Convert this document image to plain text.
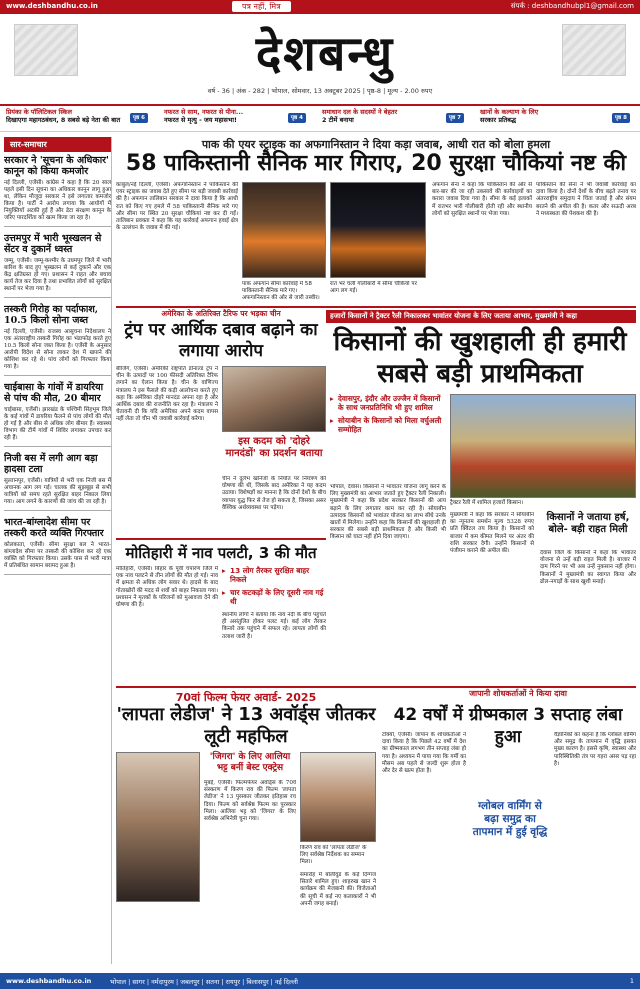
www.deshbandhu.co.in	पत्र नहीं, मित्र	संपर्क : deshbandhubpl1@gmail.com
देशबन्धु
वर्ष - 36 | अंक - 282 | भोपाल, सोमवार, 13 अक्टूबर 2025 | पृष्ठ-8 | मूल्य - 2.00 रुपए
प्रियंका के पॉलिटिकल स्किल
दिखाएगा महागठबंधन, 8 सबसे बड़े नेता की बात	पृष्ठ 6
नफरत से साम, नफरत से पीना...
नफरत से मृत्यु - जय महासभा!	पृष्ठ 4
समाधान दल के सदस्यों ने बेहतर
2 टीमें बनाया	पृष्ठ 7
खानों के कल्याण के लिए
सरकार प्रतिबद्ध	पृष्ठ 8
सार-समाचार
सरकार ने 'सूचना के अधिकार' कानून को किया कमजोर

नई दिल्ली, एजेंसी। कांग्रेस ने कहा है कि 20 साल पहले इसी दिन सूचना का अधिकार कानून लागू हुआ था, लेकिन मौजूदा सरकार ने इसे लगातार कमजोर किया है। पार्टी ने आरोप लगाया कि आयोगों में नियुक्तियाँ अटकी हुई हैं और डेटा संरक्षण कानून के जरिए पारदर्शिता को खत्म किया जा रहा है।

उत्तमपुर में भारी भूस्खलन से सेंटर व दुकानें ध्वस्त

जम्मू, एजेंसी। जम्मू-कश्मीर के उधमपुर जिले में भारी बारिश के बाद हुए भूस्खलन से कई दुकानें और एक केंद्र क्षतिग्रस्त हो गए। प्रशासन ने राहत और बचाव कार्य तेज कर दिया है तथा प्रभावित लोगों को सुरक्षित स्थानों पर भेजा गया है।

तस्करी गिरोह का पर्दाफाश, 10.5 किलो सोना जब्त

नई दिल्ली, एजेंसी। राजस्व आसूचना निदेशालय ने एक अंतरराष्ट्रीय तस्करी गिरोह का भंडाफोड़ करते हुए 10.5 किलो सोना जब्त किया है। एजेंसी के अनुसार आरोपी विदेश से सोना लाकर देश में खपाने की कोशिश कर रहे थे। पांच लोगों को गिरफ्तार किया गया है।

चाईबासा के गांवों में डायरिया से पांच की मौत, 20 बीमार

चाईबासा, एजेंसी। झारखंड के पश्चिमी सिंहभूम जिले के कई गांवों में डायरिया फैलने से पांच लोगों की मौत हो गई है और बीस से अधिक लोग बीमार हैं। स्वास्थ्य विभाग की टीमें गांवों में शिविर लगाकर उपचार कर रही हैं।

निजी बस में लगी आग बड़ा हादसा टला

सुल्तानपुर, एजेंसी। यात्रियों से भरी एक निजी बस में अचानक आग लग गई। चालक की सूझबूझ से सभी यात्रियों को समय रहते सुरक्षित बाहर निकाल लिया गया। आग लगने के कारणों की जांच की जा रही है।

भारत-बांग्लादेश सीमा पर तस्करी करते व्यक्ति गिरफ्तार

कोलकाता, एजेंसी। सीमा सुरक्षा बल ने भारत-बांग्लादेश सीमा पर तस्करी की कोशिश कर रहे एक व्यक्ति को गिरफ्तार किया। उसके पास से भारी मात्रा में प्रतिबंधित सामान बरामद हुआ है।

पाक की एयर स्ट्राइक का अफगानिस्तान ने दिया कड़ा जवाब, आधी रात को बोला हमला
58 पाकिस्तानी सैनिक मार गिराए, 20 सुरक्षा चौकियां नष्ट की
काबुल/नई दिल्ली, एजेंसी। अफगानिस्तान ने पाकिस्तान की एयर स्ट्राइक का जवाब देते हुए सीमा पर बड़ी जवाबी कार्रवाई की है। अफगान तालिबान सरकार ने दावा किया है कि आधी रात को किए गए हमले में 58 पाकिस्तानी सैनिक मारे गए और सीमा पर स्थित 20 सुरक्षा चौकियां नष्ट कर दी गईं। तालिबान प्रवक्ता ने कहा कि यह कार्रवाई अफगान हवाई क्षेत्र के उल्लंघन के जवाब में की गई।
पाक अफगान सीमा कार्रवाई में 58 पाकिस्तानी सैनिक मारे गए। अफगानिस्तान की ओर से जारी तस्वीर।
रात भर चली गोलीबारी में सीमा चौकियों पर आग लग गई।
अफगान सेना ने कहा कि पाकिस्तान की ओर से बार-बार की जा रही उकसावे की कार्रवाइयों का करारा जवाब दिया गया है। सीमा के कई इलाकों में रातभर भारी गोलीबारी होती रही और स्थानीय लोगों को सुरक्षित स्थानों पर भेजा गया।
पाकिस्तान की सेना ने भी जवाबी कार्रवाई का दावा किया है। दोनों देशों के बीच बढ़ते तनाव पर अंतरराष्ट्रीय समुदाय ने चिंता जताई है और संयम बरतने की अपील की है। कतर और सऊदी अरब ने मध्यस्थता की पेशकश की है।
अमेरिका के अतिरिक्त टैरिफ पर भड़का चीन
ट्रंप पर आर्थिक दबाव बढ़ाने का लगाया आरोप
बीजिंग, एजेंसी। अमेरिकी राष्ट्रपति डोनाल्ड ट्रंप ने चीन के उत्पादों पर 100 फीसदी अतिरिक्त टैरिफ लगाने का ऐलान किया है। चीन के वाणिज्य मंत्रालय ने इस फैसले की कड़ी आलोचना करते हुए कहा कि अमेरिका दोहरे मानदंड अपना रहा है और आर्थिक दबाव की राजनीति कर रहा है। मंत्रालय ने चेतावनी दी कि यदि अमेरिका अपने कदम वापस नहीं लेता तो चीन भी जवाबी कार्रवाई करेगा।
इस कदम को 'दोहरे मानदंडों' का प्रदर्शन बताया
चीन ने दुर्लभ खनिजों के निर्यात पर नियंत्रण की घोषणा की थी, जिसके बाद अमेरिका ने यह कदम उठाया। विशेषज्ञों का मानना है कि दोनों देशों के बीच व्यापार युद्ध फिर से तेज हो सकता है, जिसका असर वैश्विक अर्थव्यवस्था पर पड़ेगा।
हजारों किसानों ने ट्रैक्टर रैली निकालकर भावांतर योजना के लिए जताया आभार, मुख्यमंत्री ने कहा
किसानों की खुशहाली ही हमारी सबसे बड़ी प्राथमिकता
▸ देवासपुर, इंदौर और उज्जैन में किसानों के साथ जनप्रतिनिधि भी हुए शामिल
▸ सोयाबीन के किसानों को मिला वर्चुअली सम्मोहित
ट्रैक्टर रैली में शामिल हजारों किसान।
भोपाल, देवास। किसानों ने भावांतर योजना लागू करने के लिए मुख्यमंत्री का आभार जताते हुए ट्रैक्टर रैली निकाली। मुख्यमंत्री ने कहा कि प्रदेश सरकार किसानों की आय बढ़ाने के लिए लगातार काम कर रही है। सोयाबीन उत्पादक किसानों को भावांतर योजना का लाभ सीधे उनके खातों में मिलेगा। उन्होंने कहा कि किसानों की खुशहाली ही सरकार की सबसे बड़ी प्राथमिकता है और किसी भी किसान को घाटा नहीं होने दिया जाएगा।
मुख्यमंत्री ने कहा कि सरकार ने सोयाबीन का न्यूनतम समर्थन मूल्य 5328 रुपए प्रति क्विंटल तय किया है। किसानों को बाजार में कम कीमत मिलने पर अंतर की राशि सरकार देगी। उन्होंने किसानों से पंजीयन कराने की अपील की।
किसानों ने जताया हर्ष, बोले- बड़ी राहत मिली
देवास जिले के किसानों ने कहा कि भावांतर योजना से उन्हें बड़ी राहत मिली है। बाजार में दाम गिरने पर भी अब उन्हें नुकसान नहीं होगा। किसानों ने मुख्यमंत्री का स्वागत किया और ढोल-नगाड़ों के साथ खुशी मनाई।
मोतिहारी में नाव पलटी, 3 की मौत
मोतिहारी, एजेंसी। बिहार के पूर्वी चंपारण जिले में एक नाव पलटने से तीन लोगों की मौत हो गई। नाव में क्षमता से अधिक लोग सवार थे। हादसे के बाद गोताखोरों की मदद से शवों को बाहर निकाला गया। प्रशासन ने मृतकों के परिजनों को मुआवजा देने की घोषणा की है।
▸ 13 लोग तैरकर सुरक्षित बाहर निकले
▸ चार कटकड़ों के लिए दूसरी नाव गई थी
स्थानीय लोगों ने बताया कि नाव नदी के बीच पहुंचते ही असंतुलित होकर पलट गई। कई लोग तैरकर किनारे तक पहुंचने में सफल रहे। लापता लोगों की तलाश जारी है।
70वां फिल्म फेयर अवार्ड- 2025
'लापता लेडीज' ने 13 अवॉर्ड्स जीतकर लूटी महफिल
'जिगरा' के लिए आलिया भट्ट बनीं बेस्ट एक्ट्रेस
मुंबई, एजेंसी। फिल्मफेयर अवॉर्ड्स के 70वें संस्करण में किरण राव की फिल्म 'लापता लेडीज' ने 13 पुरस्कार जीतकर इतिहास रच दिया। फिल्म को सर्वश्रेष्ठ फिल्म का पुरस्कार मिला। आलिया भट्ट को 'जिगरा' के लिए सर्वश्रेष्ठ अभिनेत्री चुना गया।
किरण राव को 'लापता लेडीज' के लिए सर्वश्रेष्ठ निर्देशक का सम्मान मिला।
समारोह में बॉलीवुड के कई दिग्गज सितारे शामिल हुए। शाहरुख खान ने कार्यक्रम की मेजबानी की। विजेताओं की सूची में कई नए कलाकारों ने भी अपनी जगह बनाई।
जापानी शोधकर्ताओं ने किया दावा
42 वर्षों में ग्रीष्मकाल 3 सप्ताह लंबा हुआ
टोक्यो, एजेंसी। जापान के शोधकर्ताओं ने दावा किया है कि पिछले 42 वर्षों में देश का ग्रीष्मकाल लगभग तीन सप्ताह लंबा हो गया है। अध्ययन में पाया गया कि गर्मी का मौसम अब पहले से जल्दी शुरू होता है और देर से खत्म होता है।
ग्लोबल वार्मिंग से बढ़ा समुद्र का तापमान में हुई वृद्धि
वैज्ञानिकों का कहना है कि ग्लोबल वार्मिंग और समुद्र के तापमान में वृद्धि इसका मुख्य कारण है। इससे कृषि, स्वास्थ्य और पारिस्थितिकी तंत्र पर गहरा असर पड़ रहा है।
www.deshbandhu.co.in	भोपाल | सागर | नर्मदापुरम | जबलपुर | सतना | रायपुर | बिलासपुर | नई दिल्ली	1
